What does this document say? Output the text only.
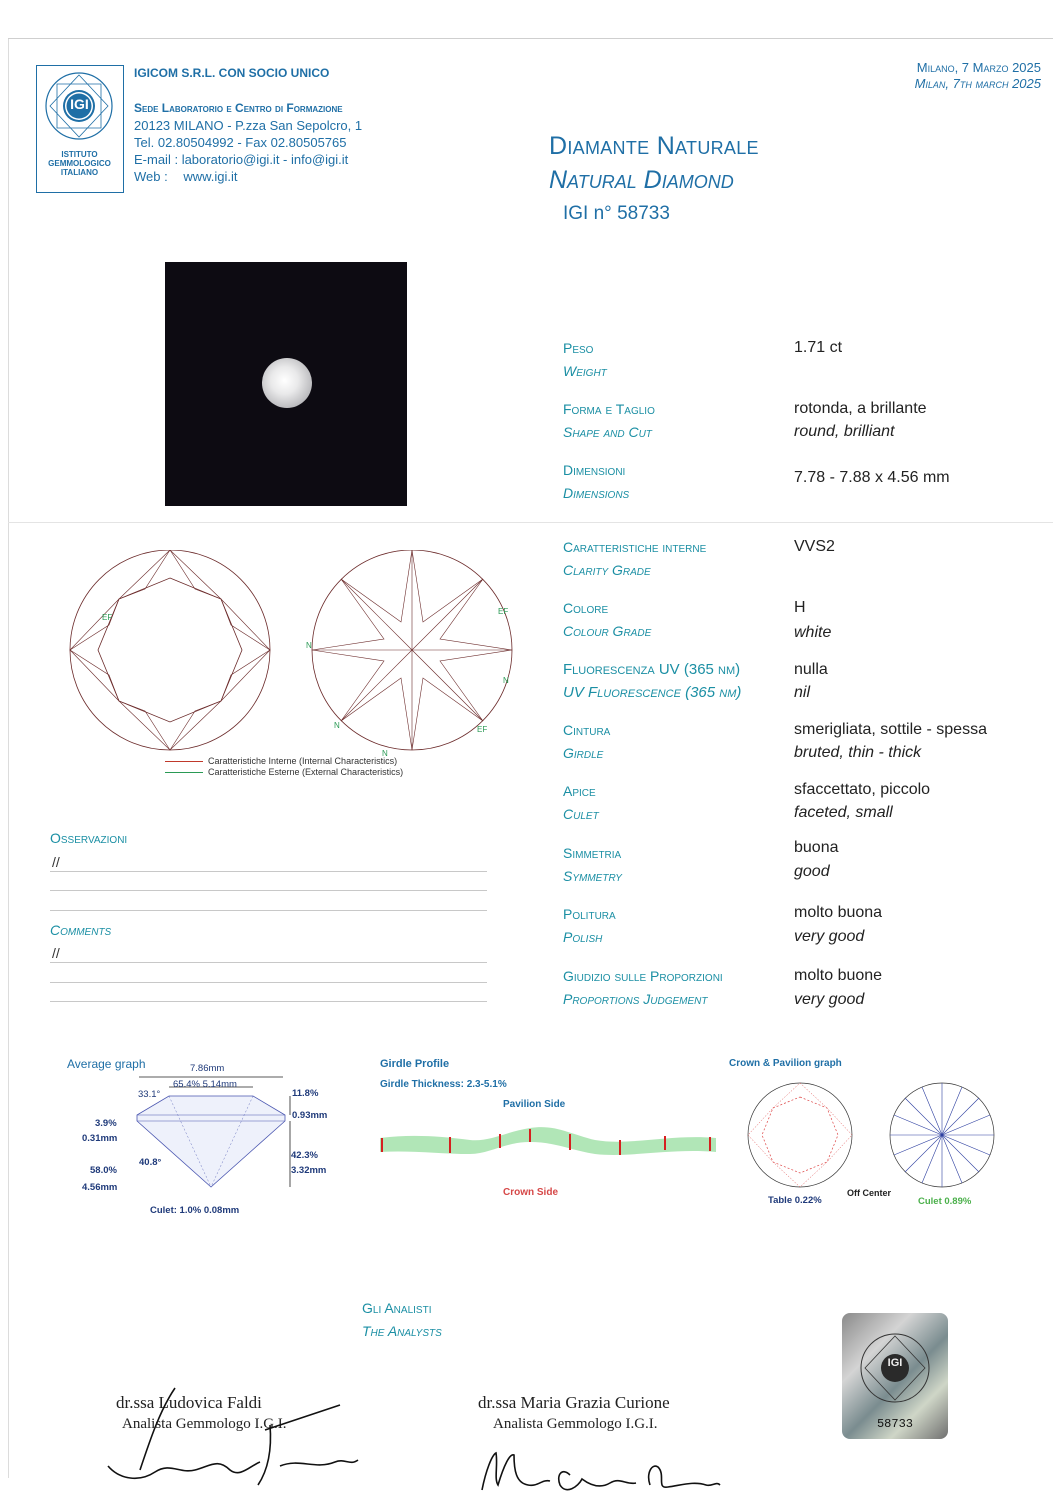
IGI
ISTITUTO
GEMMOLOGICO
ITALIANO
IGICOM S.R.L. CON SOCIO UNICO
Sede Laboratorio e Centro di Formazione
20123 MILANO - P.zza San Sepolcro, 1
Tel. 02.80504992 - Fax 02.80505765
E-mail : laboratorio@igi.it - info@igi.it
Web : www.igi.it
Milano, 7 Marzo 2025
Milan, 7th march 2025
Diamante Naturale
Natural Diamond
IGI n° 58733
Peso
Weight
1.71 ct
Forma e Taglio
Shape and Cut
rotonda, a brillante
round, brilliant
Dimensioni
Dimensions
7.78 - 7.88 x 4.56 mm
Caratteristiche interne
Clarity Grade
VVS2
Colore
Colour Grade
H
white
Fluorescenza UV (365 nm)
UV Fluorescence (365 nm)
nulla
nil
Cintura
Girdle
smerigliata, sottile - spessa
bruted, thin - thick
Apice
Culet
sfaccettato, piccolo
faceted, small
Simmetria
Symmetry
buona
good
Politura
Polish
molto buona
very good
Giudizio sulle Proporzioni
Proportions Judgement
molto buone
very good
EF
EF
EF
N
N
N
N
Caratteristiche Interne (Internal Characteristics)
Caratteristiche Esterne (External Characteristics)
Osservazioni
//
Comments
//
Average graph	7.86mm
65.4% 5.14mm
33.1°	11.8%
0.93mm
3.9%
0.31mm
42.3%
3.32mm
40.8°
58.0%
4.56mm
Culet: 1.0% 0.08mm
Girdle Profile
Girdle Thickness: 2.3-5.1%
Pavilion Side
Crown Side
Crown & Pavilion graph
Table 0.22%
Off Center
Culet 0.89%
Gli Analisti
The Analysts
dr.ssa Ludovica Faldi
Analista Gemmologo I.G.I.
dr.ssa Maria Grazia Curione
Analista Gemmologo I.G.I.
IGI
58733
